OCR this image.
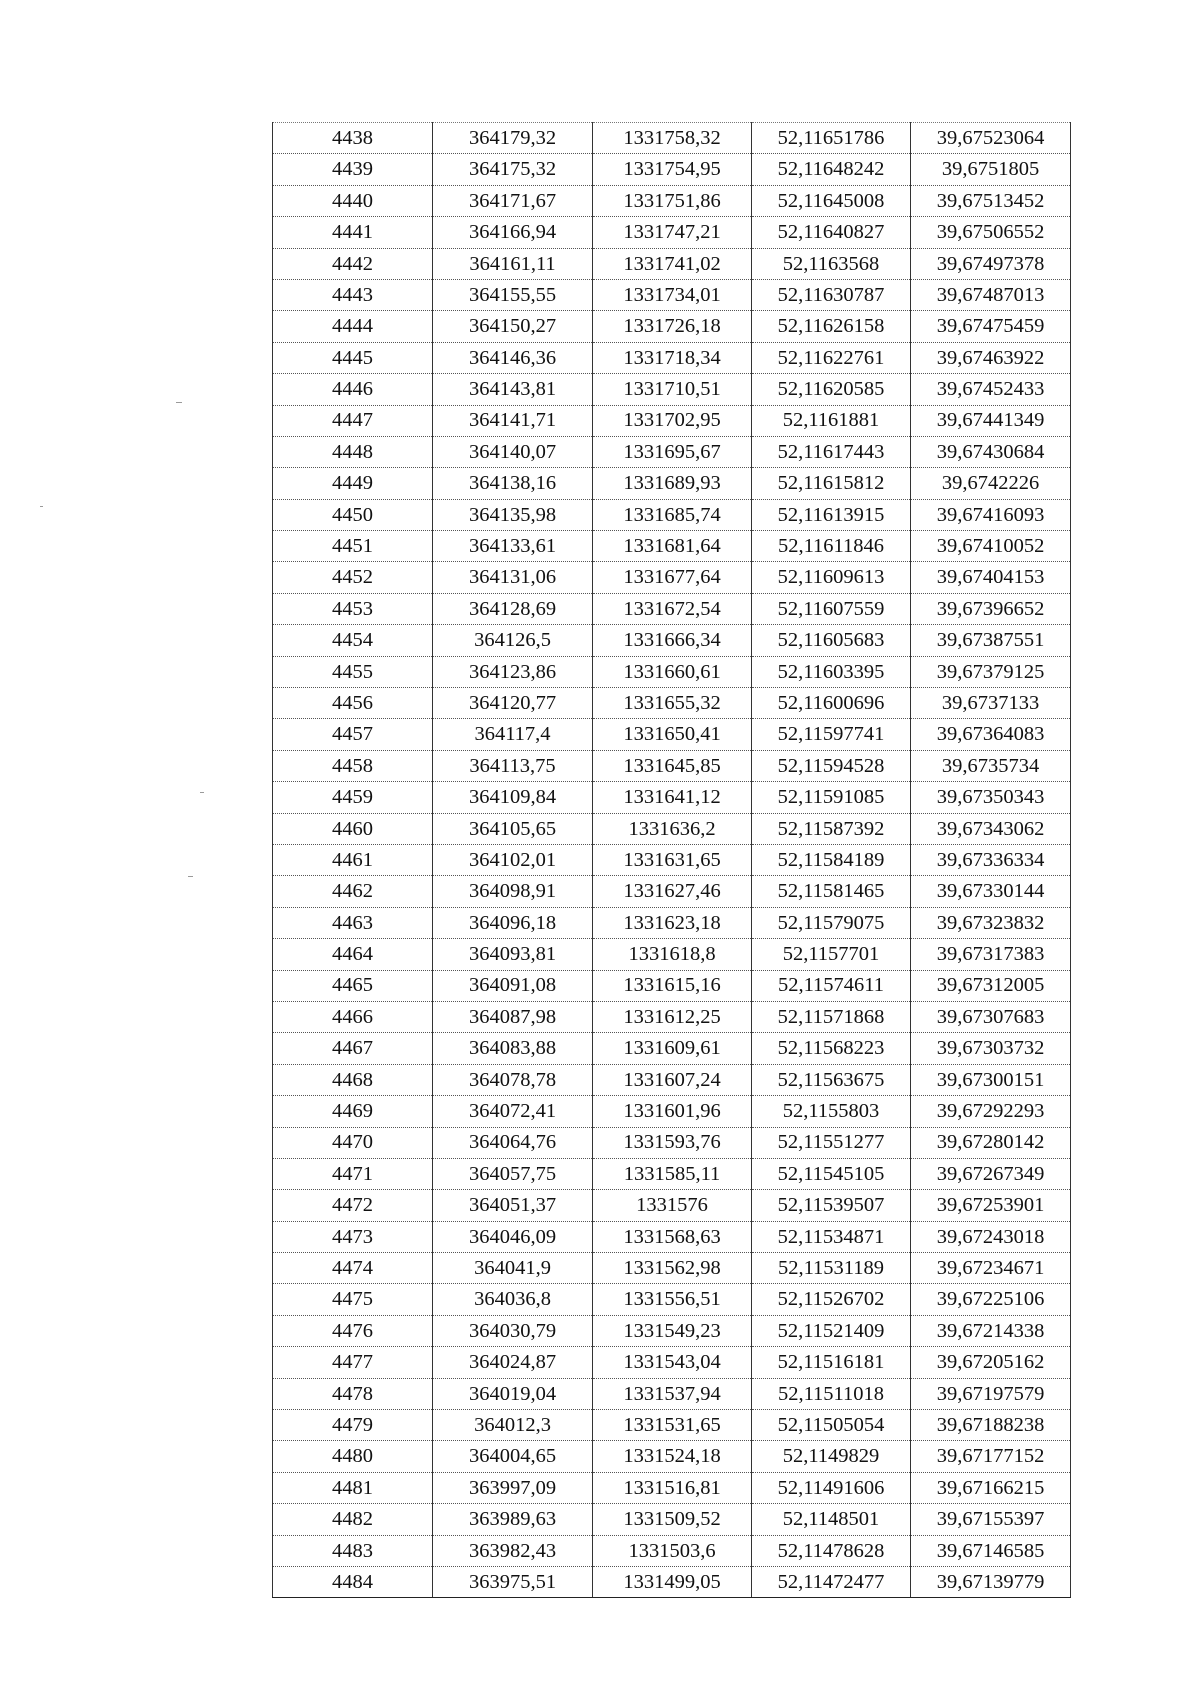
4438	364179,32	1331758,32	52,11651786	39,67523064
4439	364175,32	1331754,95	52,11648242	39,6751805
4440	364171,67	1331751,86	52,11645008	39,67513452
4441	364166,94	1331747,21	52,11640827	39,67506552
4442	364161,11	1331741,02	52,1163568	39,67497378
4443	364155,55	1331734,01	52,11630787	39,67487013
4444	364150,27	1331726,18	52,11626158	39,67475459
4445	364146,36	1331718,34	52,11622761	39,67463922
4446	364143,81	1331710,51	52,11620585	39,67452433
4447	364141,71	1331702,95	52,1161881	39,67441349
4448	364140,07	1331695,67	52,11617443	39,67430684
4449	364138,16	1331689,93	52,11615812	39,6742226
4450	364135,98	1331685,74	52,11613915	39,67416093
4451	364133,61	1331681,64	52,11611846	39,67410052
4452	364131,06	1331677,64	52,11609613	39,67404153
4453	364128,69	1331672,54	52,11607559	39,67396652
4454	364126,5	1331666,34	52,11605683	39,67387551
4455	364123,86	1331660,61	52,11603395	39,67379125
4456	364120,77	1331655,32	52,11600696	39,6737133
4457	364117,4	1331650,41	52,11597741	39,67364083
4458	364113,75	1331645,85	52,11594528	39,6735734
4459	364109,84	1331641,12	52,11591085	39,67350343
4460	364105,65	1331636,2	52,11587392	39,67343062
4461	364102,01	1331631,65	52,11584189	39,67336334
4462	364098,91	1331627,46	52,11581465	39,67330144
4463	364096,18	1331623,18	52,11579075	39,67323832
4464	364093,81	1331618,8	52,1157701	39,67317383
4465	364091,08	1331615,16	52,11574611	39,67312005
4466	364087,98	1331612,25	52,11571868	39,67307683
4467	364083,88	1331609,61	52,11568223	39,67303732
4468	364078,78	1331607,24	52,11563675	39,67300151
4469	364072,41	1331601,96	52,1155803	39,67292293
4470	364064,76	1331593,76	52,11551277	39,67280142
4471	364057,75	1331585,11	52,11545105	39,67267349
4472	364051,37	1331576	52,11539507	39,67253901
4473	364046,09	1331568,63	52,11534871	39,67243018
4474	364041,9	1331562,98	52,11531189	39,67234671
4475	364036,8	1331556,51	52,11526702	39,67225106
4476	364030,79	1331549,23	52,11521409	39,67214338
4477	364024,87	1331543,04	52,11516181	39,67205162
4478	364019,04	1331537,94	52,11511018	39,67197579
4479	364012,3	1331531,65	52,11505054	39,67188238
4480	364004,65	1331524,18	52,1149829	39,67177152
4481	363997,09	1331516,81	52,11491606	39,67166215
4482	363989,63	1331509,52	52,1148501	39,67155397
4483	363982,43	1331503,6	52,11478628	39,67146585
4484	363975,51	1331499,05	52,11472477	39,67139779
